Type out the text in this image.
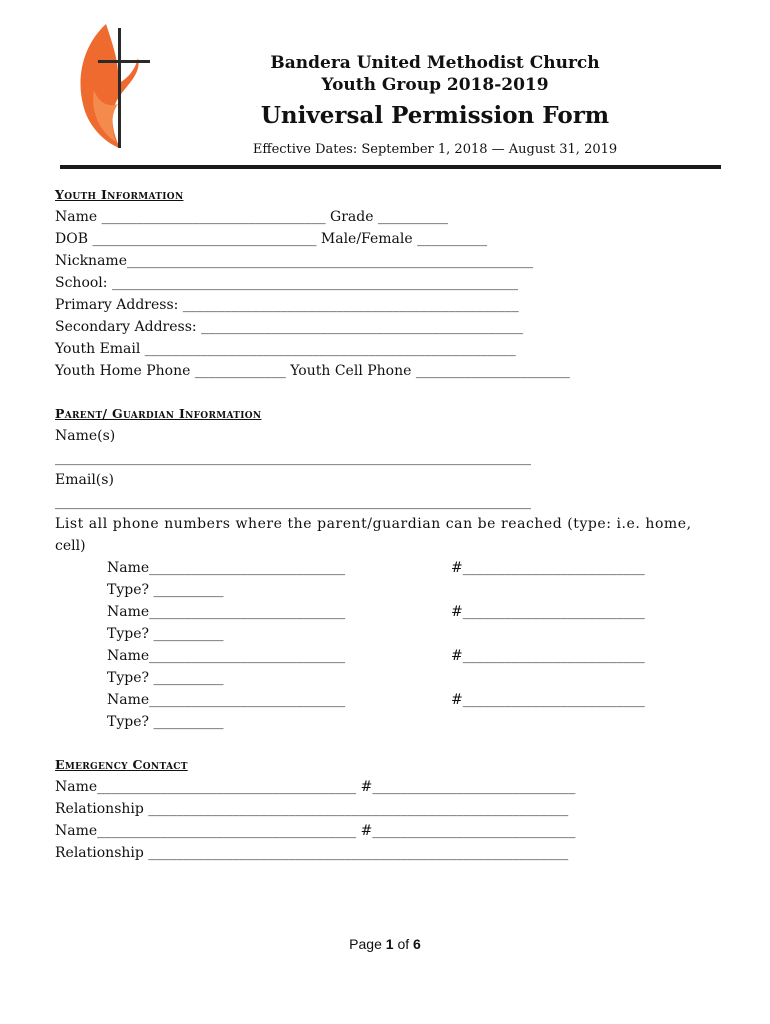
Bandera United Methodist Church
Youth Group 2018-2019
Universal Permission Form
Effective Dates: September 1, 2018 — August 31, 2019
Youth Information
Name ________________________________ Grade __________
DOB ________________________________ Male/Female __________
Nickname__________________________________________________________
School: __________________________________________________________
Primary Address: ________________________________________________
Secondary Address: ______________________________________________
Youth Email _____________________________________________________
Youth Home Phone _____________ Youth Cell Phone ______________________
Parent/ Guardian Information
Name(s)
____________________________________________________________________
Email(s)
____________________________________________________________________
List all phone numbers where the parent/guardian can be reached (type: i.e. home,
cell)
Name____________________________	#__________________________
Type? __________
Name____________________________	#__________________________
Type? __________
Name____________________________	#__________________________
Type? __________
Name____________________________	#__________________________
Type? __________
Emergency Contact
Name_____________________________________ #_____________________________
Relationship ____________________________________________________________
Name_____________________________________ #_____________________________
Relationship ____________________________________________________________
Page 1 of 6
